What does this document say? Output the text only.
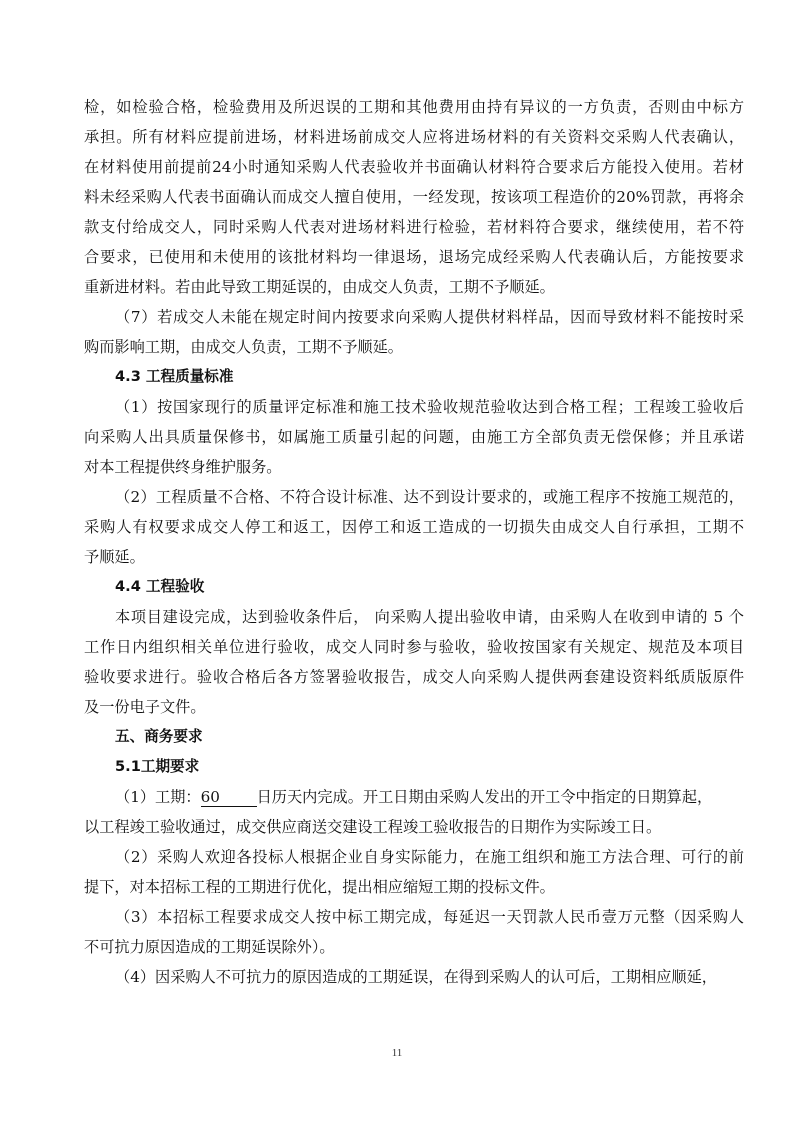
检，如检验合格，检验费用及所迟误的工期和其他费用由持有异议的一方负责，否则由中标方
承担。所有材料应提前进场，材料进场前成交人应将进场材料的有关资料交采购人代表确认，
在材料使用前提前24小时通知采购人代表验收并书面确认材料符合要求后方能投入使用。若材
料未经采购人代表书面确认而成交人擅自使用，一经发现，按该项工程造价的20%罚款，再将余
款支付给成交人，同时采购人代表对进场材料进行检验，若材料符合要求，继续使用，若不符
合要求，已使用和未使用的该批材料均一律退场，退场完成经采购人代表确认后，方能按要求
重新进材料。若由此导致工期延误的，由成交人负责，工期不予顺延。
（7）若成交人未能在规定时间内按要求向采购人提供材料样品，因而导致材料不能按时采
购而影响工期，由成交人负责，工期不予顺延。
4.3 工程质量标准
（1）按国家现行的质量评定标准和施工技术验收规范验收达到合格工程；工程竣工验收后
向采购人出具质量保修书，如属施工质量引起的问题，由施工方全部负责无偿保修；并且承诺
对本工程提供终身维护服务。
（2）工程质量不合格、不符合设计标准、达不到设计要求的，或施工程序不按施工规范的，
采购人有权要求成交人停工和返工，因停工和返工造成的一切损失由成交人自行承担，工期不
予顺延。
4.4 工程验收
本项目建设完成，达到验收条件后， 向采购人提出验收申请，由采购人在收到申请的 5 个
工作日内组织相关单位进行验收，成交人同时参与验收，验收按国家有关规定、规范及本项目
验收要求进行。验收合格后各方签署验收报告，成交人向采购人提供两套建设资料纸质版原件
及一份电子文件。
五、商务要求
5.1工期要求
（1）工期：60 日历天内完成。开工日期由采购人发出的开工令中指定的日期算起，
以工程竣工验收通过，成交供应商送交建设工程竣工验收报告的日期作为实际竣工日。
（2）采购人欢迎各投标人根据企业自身实际能力，在施工组织和施工方法合理、可行的前
提下，对本招标工程的工期进行优化，提出相应缩短工期的投标文件。
（3）本招标工程要求成交人按中标工期完成，每延迟一天罚款人民币壹万元整（因采购人
不可抗力原因造成的工期延误除外）。
（4）因采购人不可抗力的原因造成的工期延误，在得到采购人的认可后，工期相应顺延，
11
